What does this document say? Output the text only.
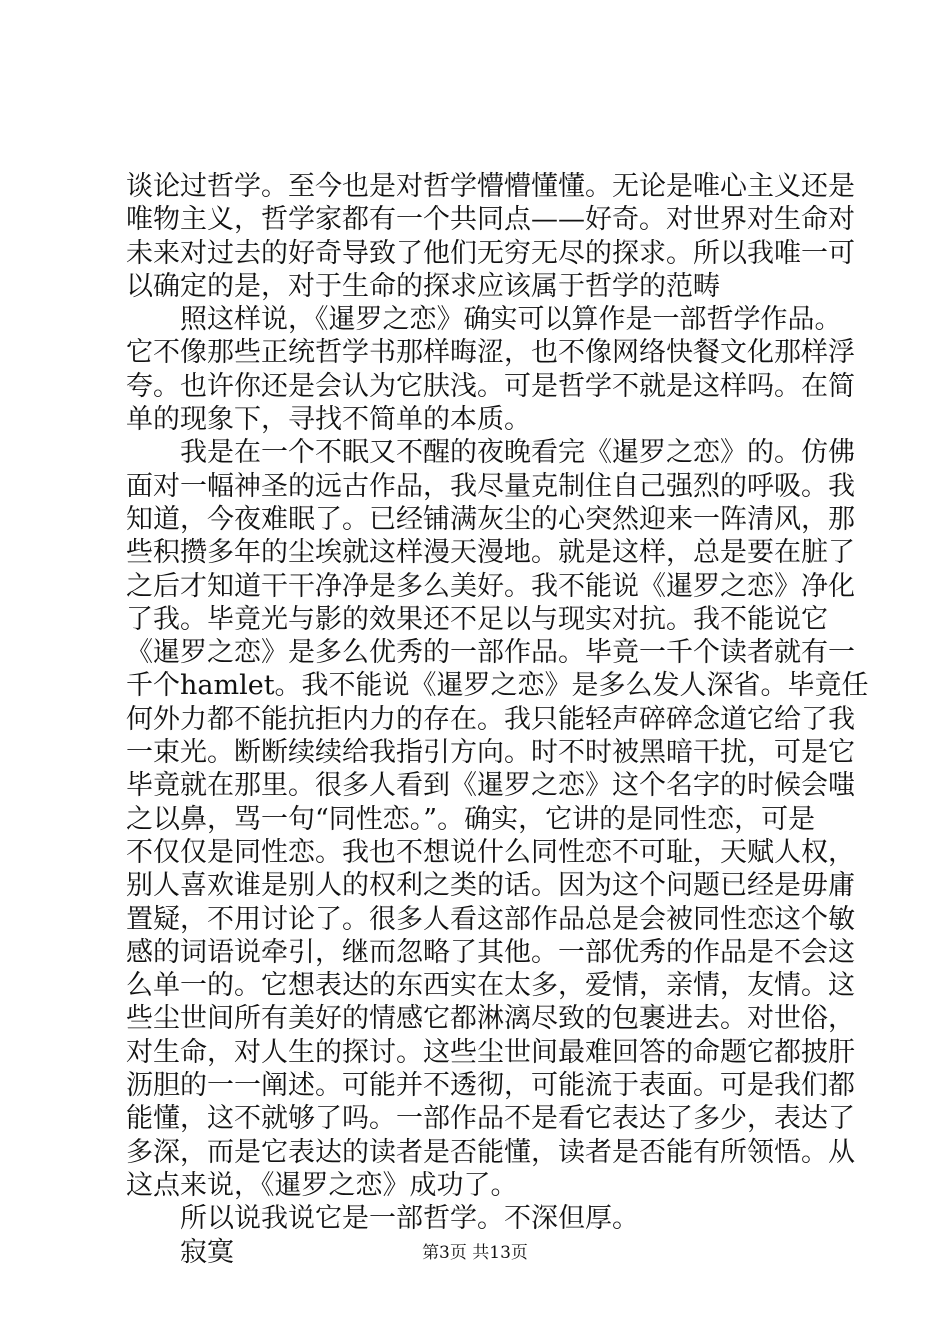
谈论过哲学。至今也是对哲学懵懵懂懂。无论是唯心主义还是
唯物主义，哲学家都有一个共同点——好奇。对世界对生命对
未来对过去的好奇导致了他们无穷无尽的探求。所以我唯一可
以确定的是，对于生命的探求应该属于哲学的范畴
照这样说，《暹罗之恋》确实可以算作是一部哲学作品。
它不像那些正统哲学书那样晦涩，也不像网络快餐文化那样浮
夸。也许你还是会认为它肤浅。可是哲学不就是这样吗。在简
单的现象下，寻找不简单的本质。
我是在一个不眠又不醒的夜晚看完《暹罗之恋》的。仿佛
面对一幅神圣的远古作品，我尽量克制住自己强烈的呼吸。我
知道，今夜难眠了。已经铺满灰尘的心突然迎来一阵清风，那
些积攒多年的尘埃就这样漫天漫地。就是这样，总是要在脏了
之后才知道干干净净是多么美好。我不能说《暹罗之恋》净化
了我。毕竟光与影的效果还不足以与现实对抗。我不能说它
《暹罗之恋》是多么优秀的一部作品。毕竟一千个读者就有一
千个hamlet。我不能说《暹罗之恋》是多么发人深省。毕竟任
何外力都不能抗拒内力的存在。我只能轻声碎碎念道它给了我
一束光。断断续续给我指引方向。时不时被黑暗干扰，可是它
毕竟就在那里。很多人看到《暹罗之恋》这个名字的时候会嗤
之以鼻，骂一句“同性恋。”。确实，它讲的是同性恋，可是
不仅仅是同性恋。我也不想说什么同性恋不可耻，天赋人权，
别人喜欢谁是别人的权利之类的话。因为这个问题已经是毋庸
置疑，不用讨论了。很多人看这部作品总是会被同性恋这个敏
感的词语说牵引，继而忽略了其他。一部优秀的作品是不会这
么单一的。它想表达的东西实在太多，爱情，亲情，友情。这
些尘世间所有美好的情感它都淋漓尽致的包裹进去。对世俗，
对生命，对人生的探讨。这些尘世间最难回答的命题它都披肝
沥胆的一一阐述。可能并不透彻，可能流于表面。可是我们都
能懂，这不就够了吗。一部作品不是看它表达了多少，表达了
多深，而是它表达的读者是否能懂，读者是否能有所领悟。从
这点来说，《暹罗之恋》成功了。
所以说我说它是一部哲学。不深但厚。
寂寞	第3页 共13页
